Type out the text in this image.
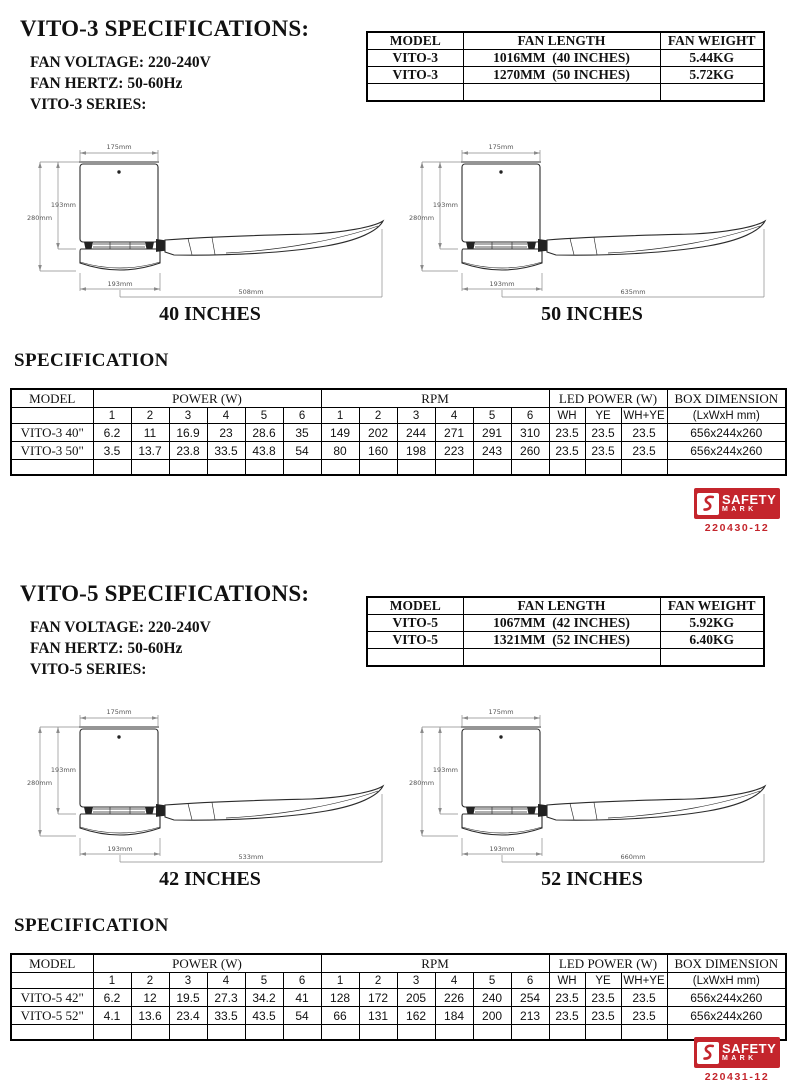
VITO-3 SPECIFICATIONS:
FAN VOLTAGE: 220-240V
FAN HERTZ: 50-60Hz
VITO-3 SERIES:
MODEL	FAN LENGTH	FAN WEIGHT
VITO-3	1016MM  (40 INCHES)	5.44KG
VITO-3	1270MM  (50 INCHES)	5.72KG

175mm
280mm
193mm
193mm
508mm
175mm
280mm
193mm
193mm
635mm
40 INCHES	50 INCHES
SPECIFICATION
MODEL	POWER (W)						RPM						LED POWER (W)			BOX DIMENSION
	1	2	3	4	5	6	1	2	3	4	5	6	WH	YE	WH+YE	(LxWxH mm)
VITO-3 40"	6.2	11	16.9	23	28.6	35	149	202	244	271	291	310	23.5	23.5	23.5	656x244x260
VITO-3 50"	3.5	13.7	23.8	33.5	43.8	54	80	160	198	223	243	260	23.5	23.5	23.5	656x244x260

SAFETY
MARK
220430-12
VITO-5 SPECIFICATIONS:
FAN VOLTAGE: 220-240V
FAN HERTZ: 50-60Hz
VITO-5 SERIES:
MODEL	FAN LENGTH	FAN WEIGHT
VITO-5	1067MM  (42 INCHES)	5.92KG
VITO-5	1321MM  (52 INCHES)	6.40KG

175mm
280mm
193mm
193mm
533mm
175mm
280mm
193mm
193mm
660mm
42 INCHES	52 INCHES
SPECIFICATION
MODEL	POWER (W)						RPM						LED POWER (W)			BOX DIMENSION
	1	2	3	4	5	6	1	2	3	4	5	6	WH	YE	WH+YE	(LxWxH mm)
VITO-5 42"	6.2	12	19.5	27.3	34.2	41	128	172	205	226	240	254	23.5	23.5	23.5	656x244x260
VITO-5 52"	4.1	13.6	23.4	33.5	43.5	54	66	131	162	184	200	213	23.5	23.5	23.5	656x244x260

SAFETY
MARK
220431-12
